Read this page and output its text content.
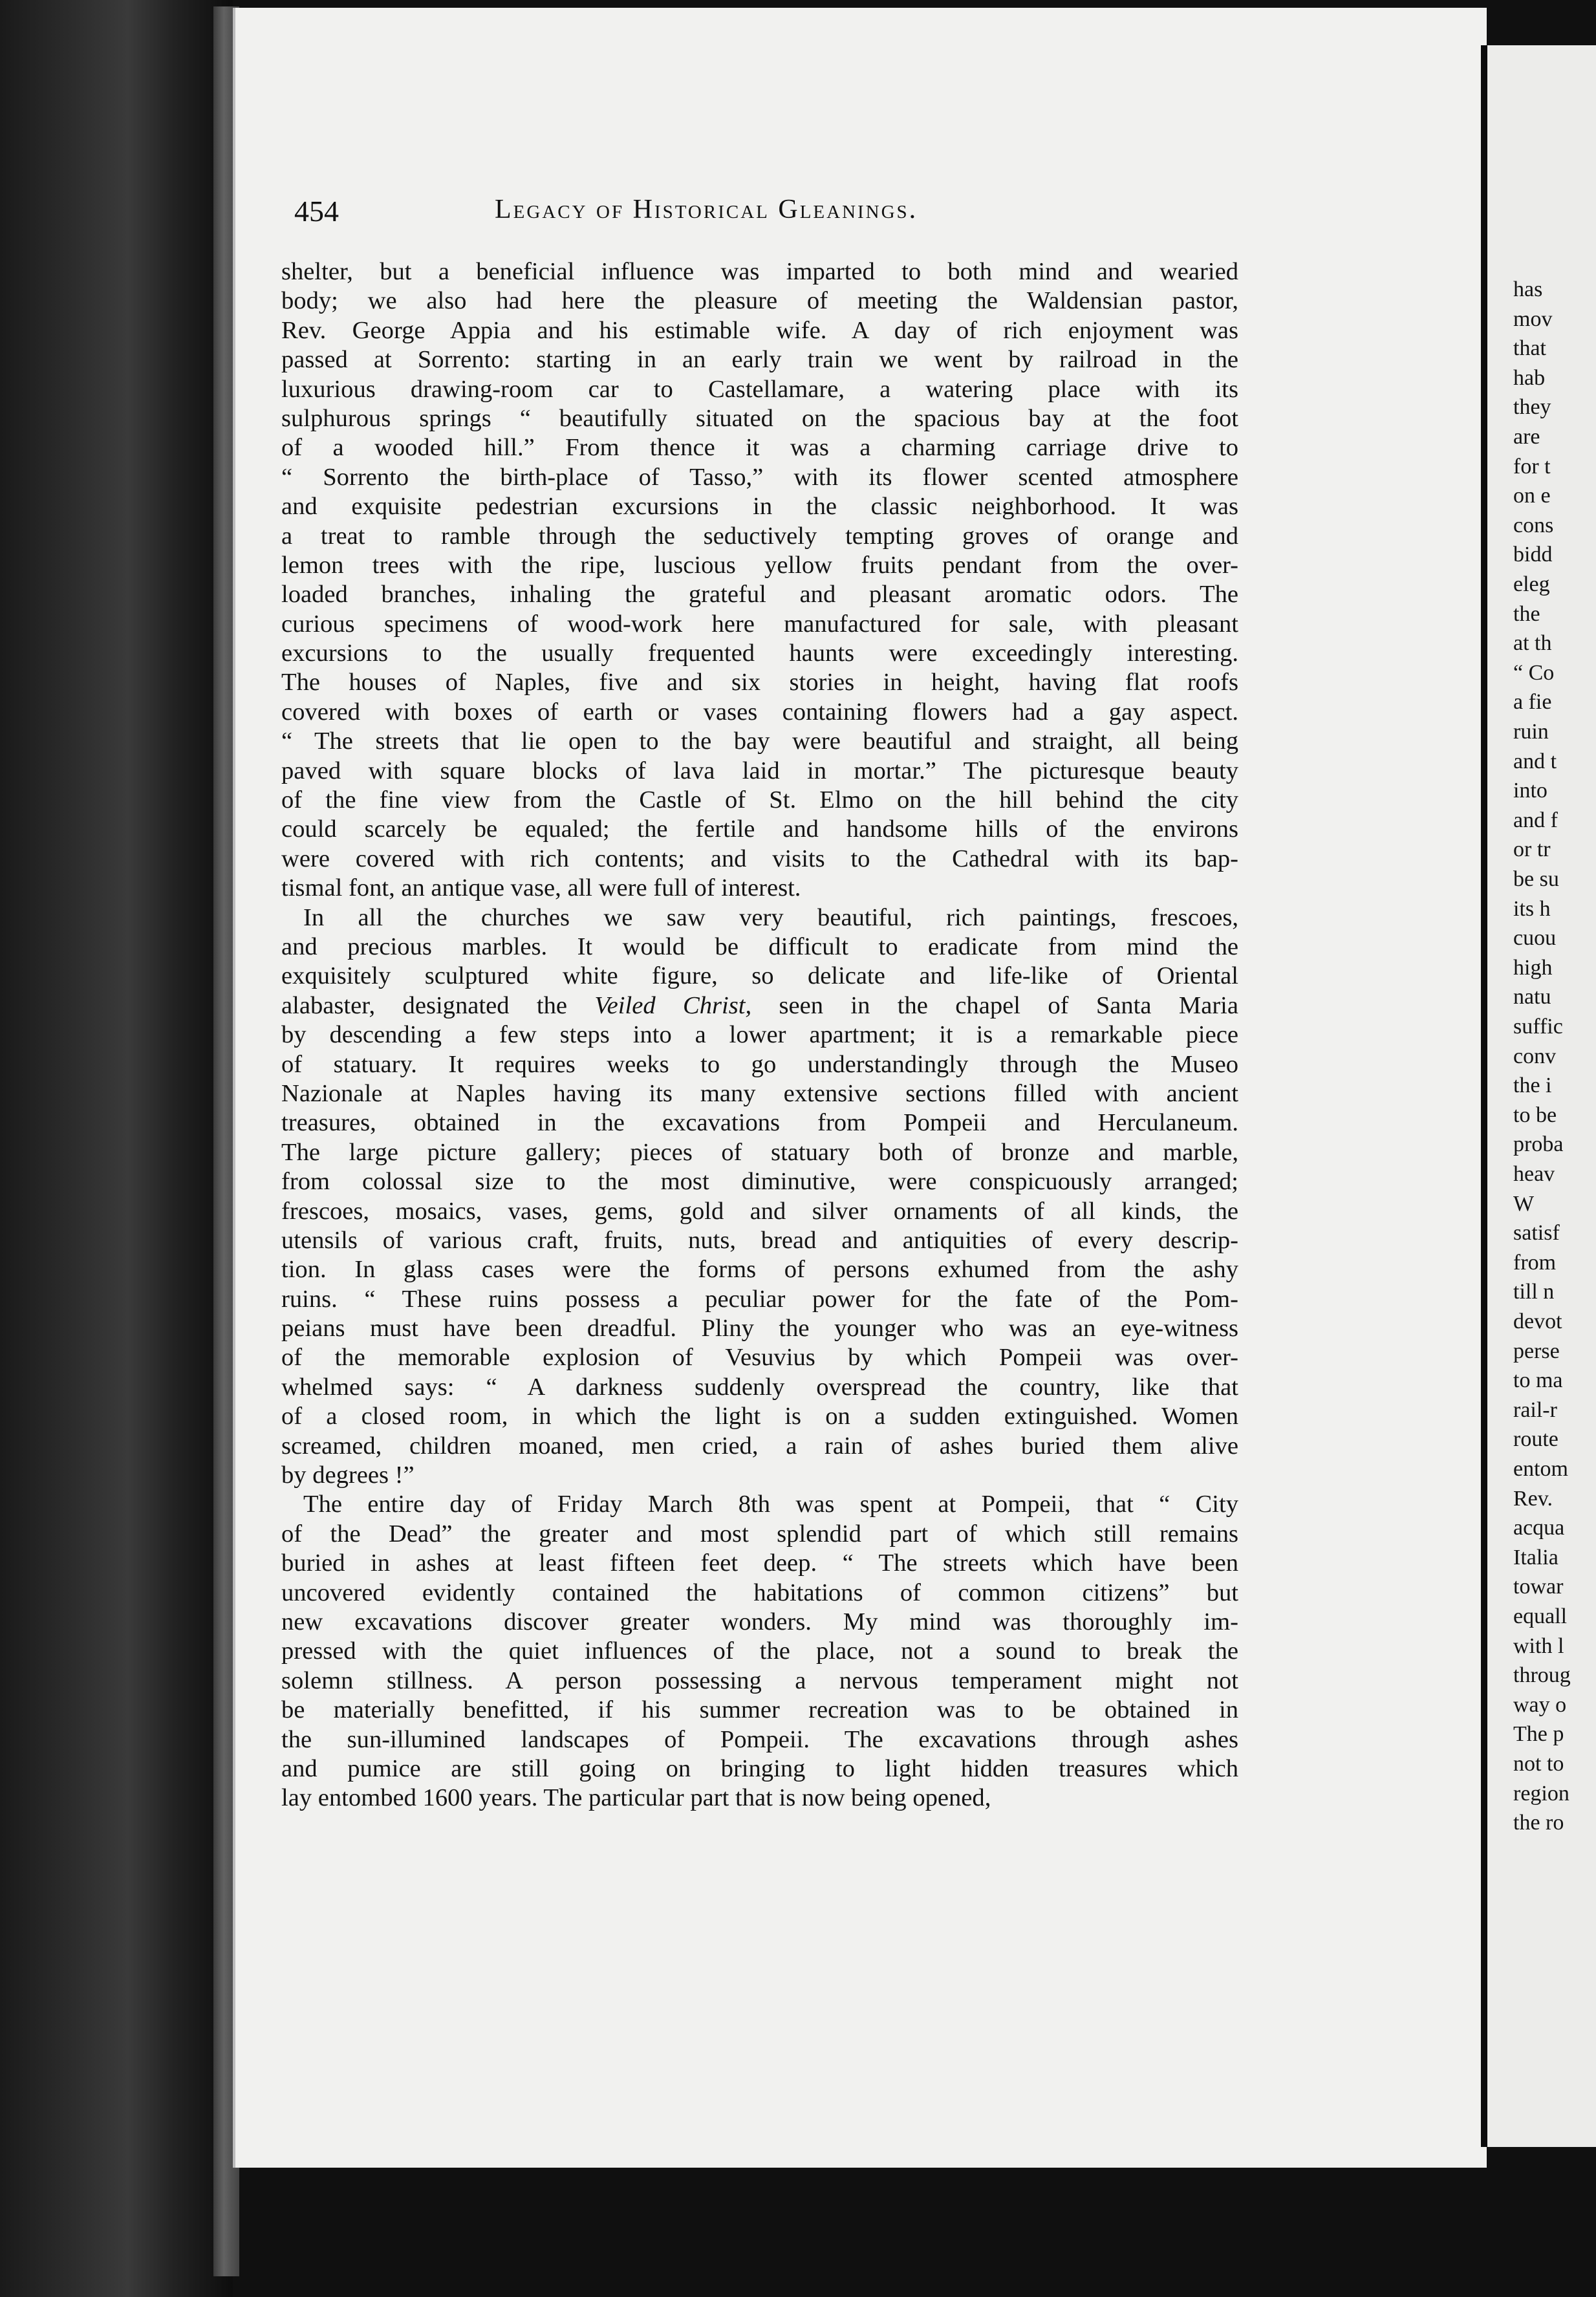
has
mov
that
hab
they
are
for t
on e
cons
bidd
eleg
the
at th
“ Co
a fie
ruin
and t
into
and f
or tr
be su
its h
cuou
high
natu
suffic
conv
the i
to be
proba
heav
W
satisf
from
till n
devot
perse
to ma
rail-r
route
entom
Rev.
acqua
Italia
towar
equall
with l
throug
way o
The p
not to
region
the ro
454	Legacy of Historical Gleanings.
shelter, but a beneficial influence was imparted to both mind and wearied
body; we also had here the pleasure of meeting the Waldensian pastor,
Rev. George Appia and his estimable wife. A day of rich enjoyment was
passed at Sorrento: starting in an early train we went by railroad in the
luxurious drawing-room car to Castellamare, a watering place with its
sulphurous springs “ beautifully situated on the spacious bay at the foot
of a wooded hill.” From thence it was a charming carriage drive to
“ Sorrento the birth-place of Tasso,” with its flower scented atmosphere
and exquisite pedestrian excursions in the classic neighborhood. It was
a treat to ramble through the seductively tempting groves of orange and
lemon trees with the ripe, luscious yellow fruits pendant from the over-
loaded branches, inhaling the grateful and pleasant aromatic odors. The
curious specimens of wood-work here manufactured for sale, with pleasant
excursions to the usually frequented haunts were exceedingly interesting.
The houses of Naples, five and six stories in height, having flat roofs
covered with boxes of earth or vases containing flowers had a gay aspect.
“ The streets that lie open to the bay were beautiful and straight, all being
paved with square blocks of lava laid in mortar.” The picturesque beauty
of the fine view from the Castle of St. Elmo on the hill behind the city
could scarcely be equaled; the fertile and handsome hills of the environs
were covered with rich contents; and visits to the Cathedral with its bap-
tismal font, an antique vase, all were full of interest.
In all the churches we saw very beautiful, rich paintings, frescoes,
and precious marbles. It would be difficult to eradicate from mind the
exquisitely sculptured white figure, so delicate and life-like of Oriental
alabaster, designated the Veiled Christ, seen in the chapel of Santa Maria
by descending a few steps into a lower apartment; it is a remarkable piece
of statuary. It requires weeks to go understandingly through the Museo
Nazionale at Naples having its many extensive sections filled with ancient
treasures, obtained in the excavations from Pompeii and Herculaneum.
The large picture gallery; pieces of statuary both of bronze and marble,
from colossal size to the most diminutive, were conspicuously arranged;
frescoes, mosaics, vases, gems, gold and silver ornaments of all kinds, the
utensils of various craft, fruits, nuts, bread and antiquities of every descrip-
tion. In glass cases were the forms of persons exhumed from the ashy
ruins. “ These ruins possess a peculiar power for the fate of the Pom-
peians must have been dreadful. Pliny the younger who was an eye-witness
of the memorable explosion of Vesuvius by which Pompeii was over-
whelmed says: “ A darkness suddenly overspread the country, like that
of a closed room, in which the light is on a sudden extinguished. Women
screamed, children moaned, men cried, a rain of ashes buried them alive
by degrees !”
The entire day of Friday March 8th was spent at Pompeii, that “ City
of the Dead” the greater and most splendid part of which still remains
buried in ashes at least fifteen feet deep. “ The streets which have been
uncovered evidently contained the habitations of common citizens” but
new excavations discover greater wonders. My mind was thoroughly im-
pressed with the quiet influences of the place, not a sound to break the
solemn stillness. A person possessing a nervous temperament might not
be materially benefitted, if his summer recreation was to be obtained in
the sun-illumined landscapes of Pompeii. The excavations through ashes
and pumice are still going on bringing to light hidden treasures which
lay entombed 1600 years. The particular part that is now being opened,
